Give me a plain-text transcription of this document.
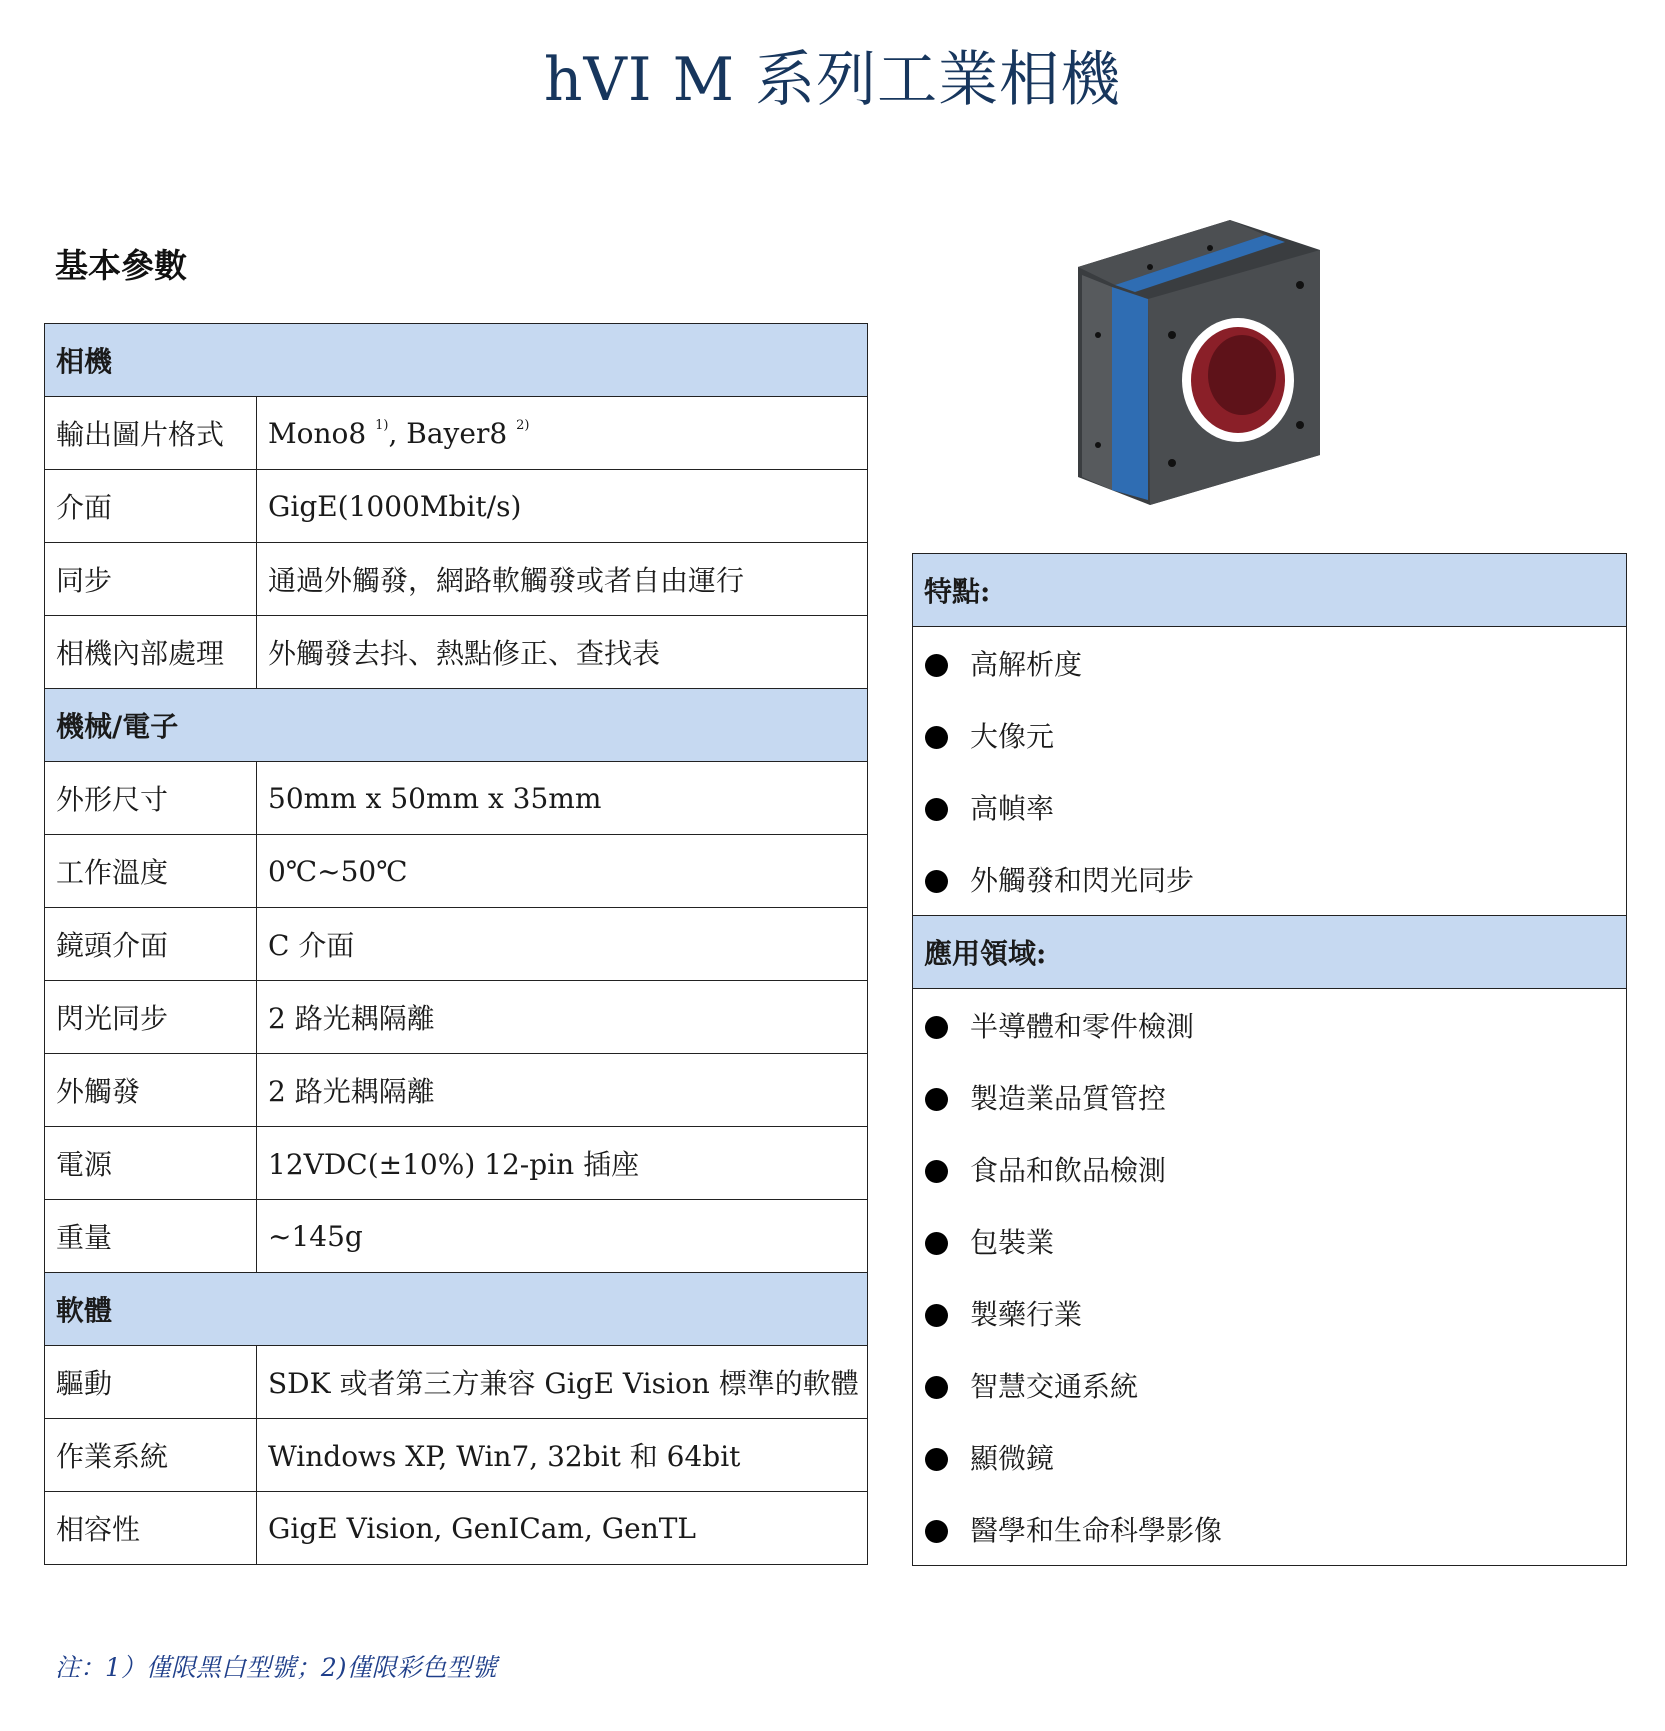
hVI M 系列工業相機
基本參數
相機	
輸出圖片格式	Mono8 $^{1)}$, Bayer8 $^{2)}$
介面	GigE(1000Mbit/s)
同步	通過外觸發，網路軟觸發或者自由運行
相機內部處理	外觸發去抖、熱點修正、查找表
機械/電子	
外形尺寸	50mm x 50mm x 35mm
工作溫度	0℃~50℃
鏡頭介面	C 介面
閃光同步	2 路光耦隔離
外觸發	2 路光耦隔離
電源	12VDC(±10%) 12-pin 插座
重量	~145g
軟體	
驅動	SDK 或者第三方兼容 GigE Vision 標準的軟體
作業系統	Windows XP, Win7, 32bit 和 64bit
相容性	GigE Vision, GenICam, GenTL
特點:
高解析度
大像元
高幀率
外觸發和閃光同步
應用領域:
半導體和零件檢測
製造業品質管控
食品和飲品檢測
包裝業
製藥行業
智慧交通系統
顯微鏡
醫學和生命科學影像
注：1）僅限黑白型號；2)僅限彩色型號
